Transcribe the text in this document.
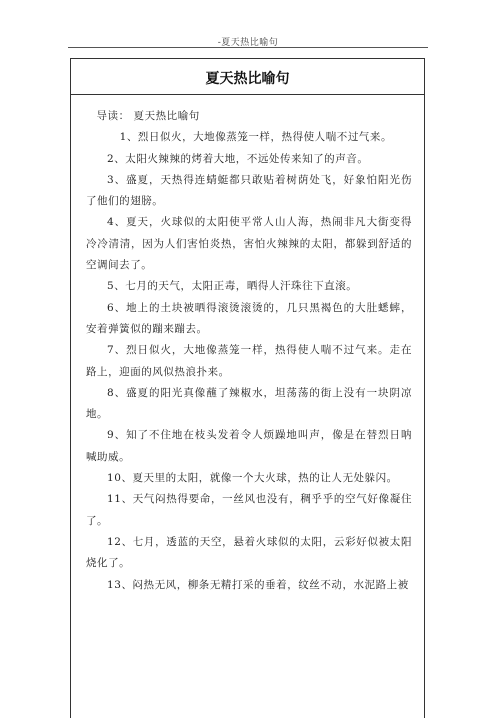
-夏天热比喻句
夏天热比喻句

导读： 夏天热比喻句

1、烈日似火，大地像蒸笼一样，热得使人喘不过气来。

2、太阳火辣辣的烤着大地，不远处传来知了的声音。

3、盛夏，天热得连蜻蜓都只敢贴着树荫处飞，好象怕阳光伤了他们的翅膀。

4、夏天，火球似的太阳使平常人山人海，热闹非凡大街变得冷冷清清，因为人们害怕炎热，害怕火辣辣的太阳，都躲到舒适的空调间去了。

5、七月的天气，太阳正毒，晒得人汗珠往下直滚。

6、地上的土块被晒得滚烫滚烫的，几只黑褐色的大肚蟋蟀，安着弹簧似的蹦来蹦去。

7、烈日似火，大地像蒸笼一样，热得使人喘不过气来。走在路上，迎面的风似热浪扑来。

8、盛夏的阳光真像蘸了辣椒水，坦荡荡的街上没有一块阴凉地。

9、知了不住地在枝头发着令人烦躁地叫声，像是在替烈日呐喊助威。

10、夏天里的太阳，就像一个大火球，热的让人无处躲闪。

11、天气闷热得要命，一丝风也没有，稠乎乎的空气好像凝住了。

12、七月，透蓝的天空，悬着火球似的太阳，云彩好似被太阳烧化了。

13、闷热无风，柳条无精打采的垂着，纹丝不动，水泥路上被
